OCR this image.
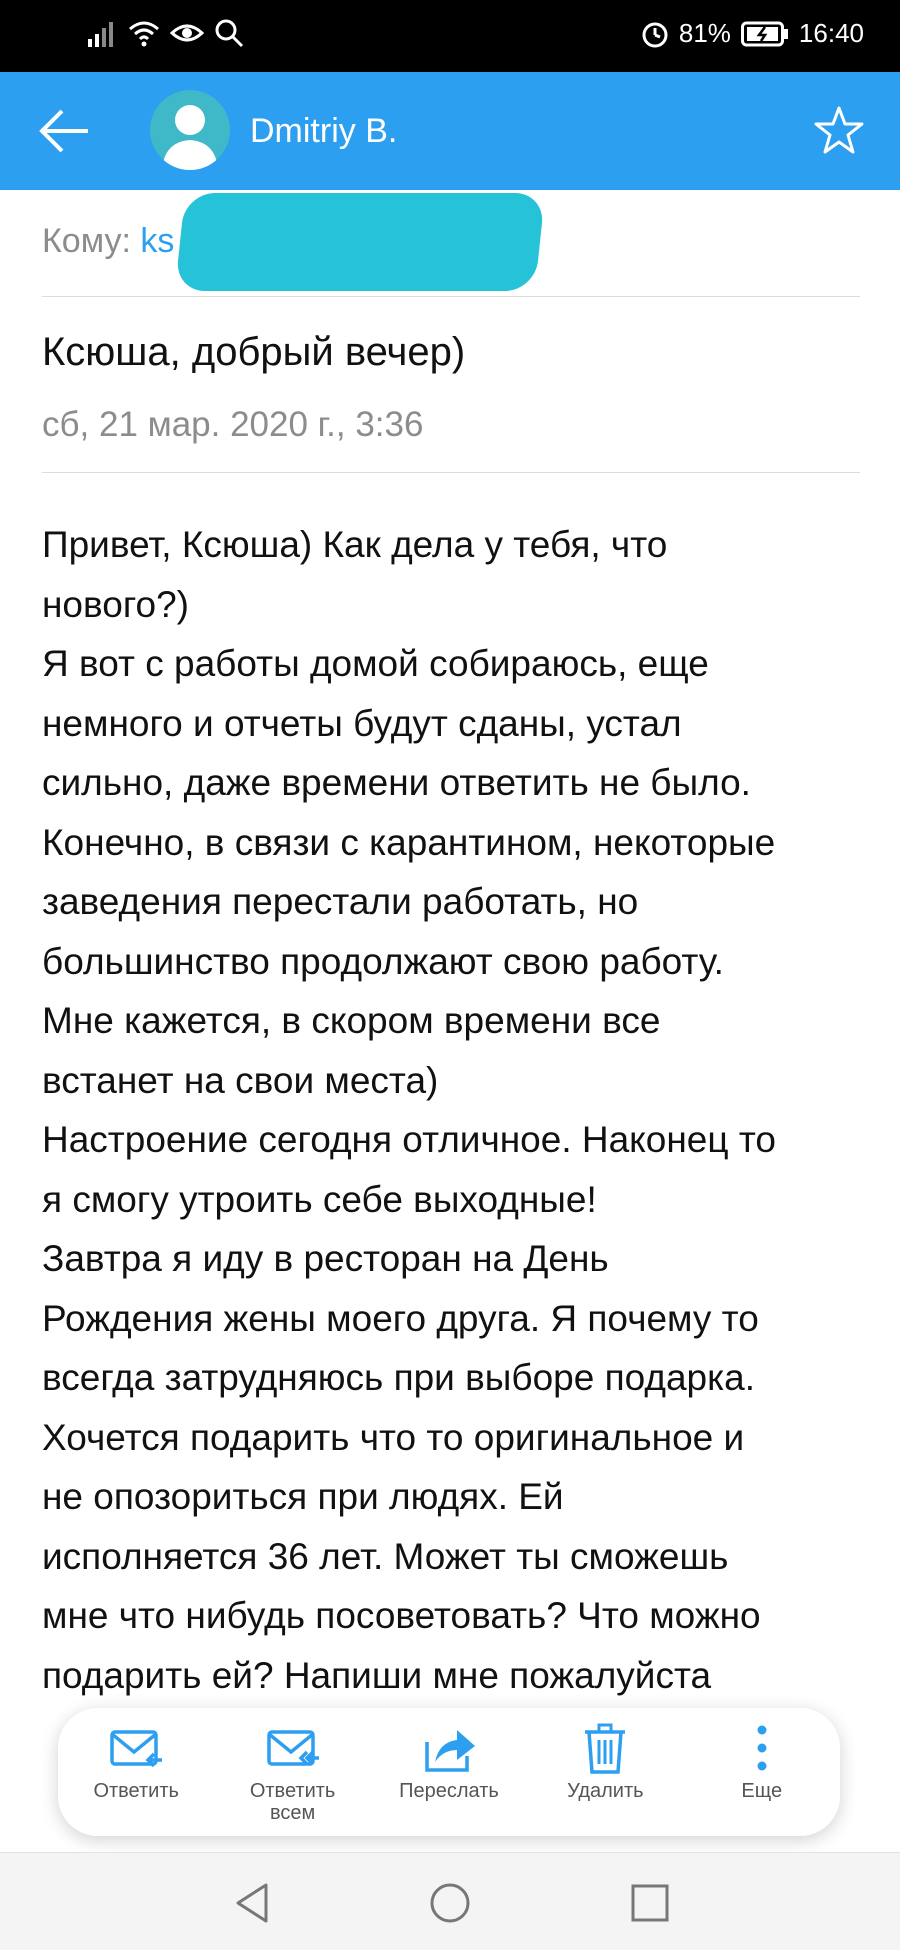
81%	16:40
Dmitriy B.
Кому: ks
Ксюша, добрый вечер)
сб, 21 мар. 2020 г., 3:36

Привет, Ксюша) Как дела у тебя, что

нового?)

Я вот с работы домой собираюсь, еще

немного и отчеты будут сданы, устал

сильно, даже времени ответить не было.

Конечно, в связи с карантином, некоторые

заведения перестали работать, но

большинство продолжают свою работу.

Мне кажется, в скором времени все

встанет на свои места)

Настроение сегодня отличное. Наконец то

я смогу утроить себе выходные!

Завтра я иду в ресторан на День

Рождения жены моего друга. Я почему то

всегда затрудняюсь при выборе подарка.

Хочется подарить что то оригинальное и

не опозориться при людях. Ей

исполняется 36 лет. Может ты сможешь

мне что нибудь посоветовать? Что можно

подарить ей? Напиши мне пожалуйста

Ответить	Ответить
всем
Переслать	Удалить	Еще
